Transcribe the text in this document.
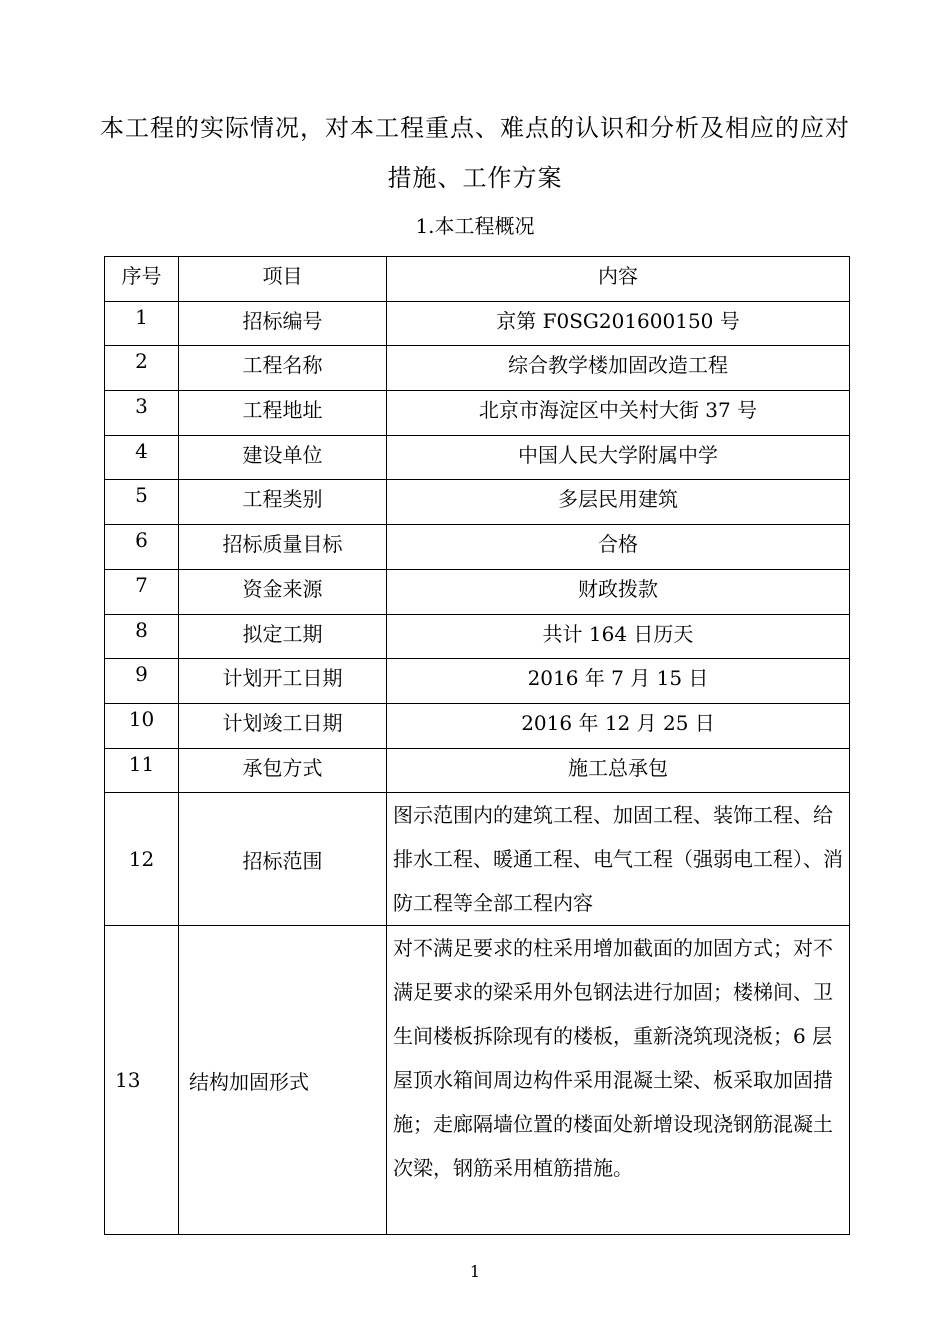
本工程的实际情况，对本工程重点、难点的认识和分析及相应的应对
措施、工作方案
1.本工程概况
序号	项目	内容
1	招标编号	京第 F0SG201600150 号
2	工程名称	综合教学楼加固改造工程
3	工程地址	北京市海淀区中关村大街 37 号
4	建设单位	中国人民大学附属中学
5	工程类别	多层民用建筑
6	招标质量目标	合格
7	资金来源	财政拨款
8	拟定工期	共计 164 日历天
9	计划开工日期	2016 年 7 月 15 日
10	计划竣工日期	2016 年 12 月 25 日
11	承包方式	施工总承包
12	招标范围	图示范围内的建筑工程、加固工程、装饰工程、给排水工程、暖通工程、电气工程（强弱电工程）、消防工程等全部工程内容
13	结构加固形式	对不满足要求的柱采用增加截面的加固方式；对不满足要求的梁采用外包钢法进行加固；楼梯间、卫生间楼板拆除现有的楼板，重新浇筑现浇板；6 层屋顶水箱间周边构件采用混凝土梁、板采取加固措施；走廊隔墙位置的楼面处新增设现浇钢筋混凝土次梁，钢筋采用植筋措施。
1
